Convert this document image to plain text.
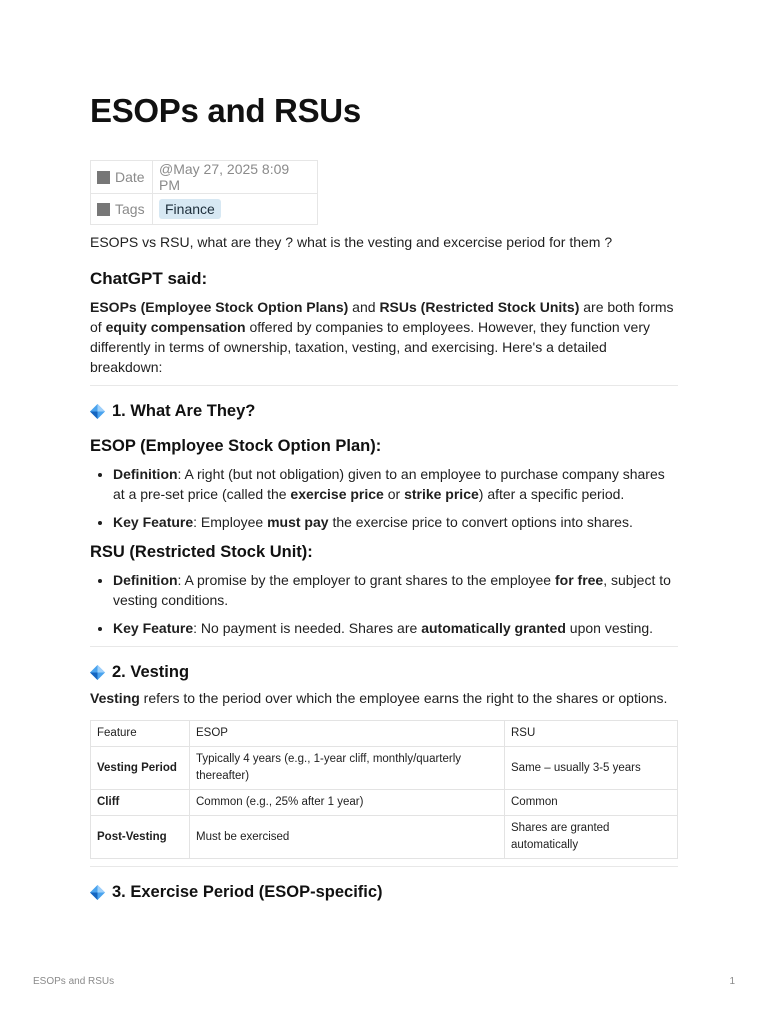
ESOPs and RSUs
Date	@May 27, 2025 8:09 PM
Tags	Finance

ESOPS vs RSU, what are they ? what is the vesting and excercise period for them ?

ChatGPT said:

ESOPs (Employee Stock Option Plans) and RSUs (Restricted Stock Units) are both forms of equity compensation offered by companies to employees. However, they function very differently in terms of ownership, taxation, vesting, and exercising. Here's a detailed breakdown:

1. What Are They?
ESOP (Employee Stock Option Plan):
• Definition: A right (but not obligation) given to an employee to purchase company shares at a pre-set price (called the exercise price or strike price) after a specific period.
• Key Feature: Employee must pay the exercise price to convert options into shares.
RSU (Restricted Stock Unit):
• Definition: A promise by the employer to grant shares to the employee for free, subject to vesting conditions.
• Key Feature: No payment is needed. Shares are automatically granted upon vesting.
2. Vesting

Vesting refers to the period over which the employee earns the right to the shares or options.

Feature	ESOP	RSU
Vesting Period	Typically 4 years (e.g., 1-year cliff, monthly/quarterly thereafter)	Same – usually 3-5 years
Cliff	Common (e.g., 25% after 1 year)	Common
Post-Vesting	Must be exercised	Shares are granted automatically
3. Exercise Period (ESOP-specific)
ESOPs and RSUs	1
